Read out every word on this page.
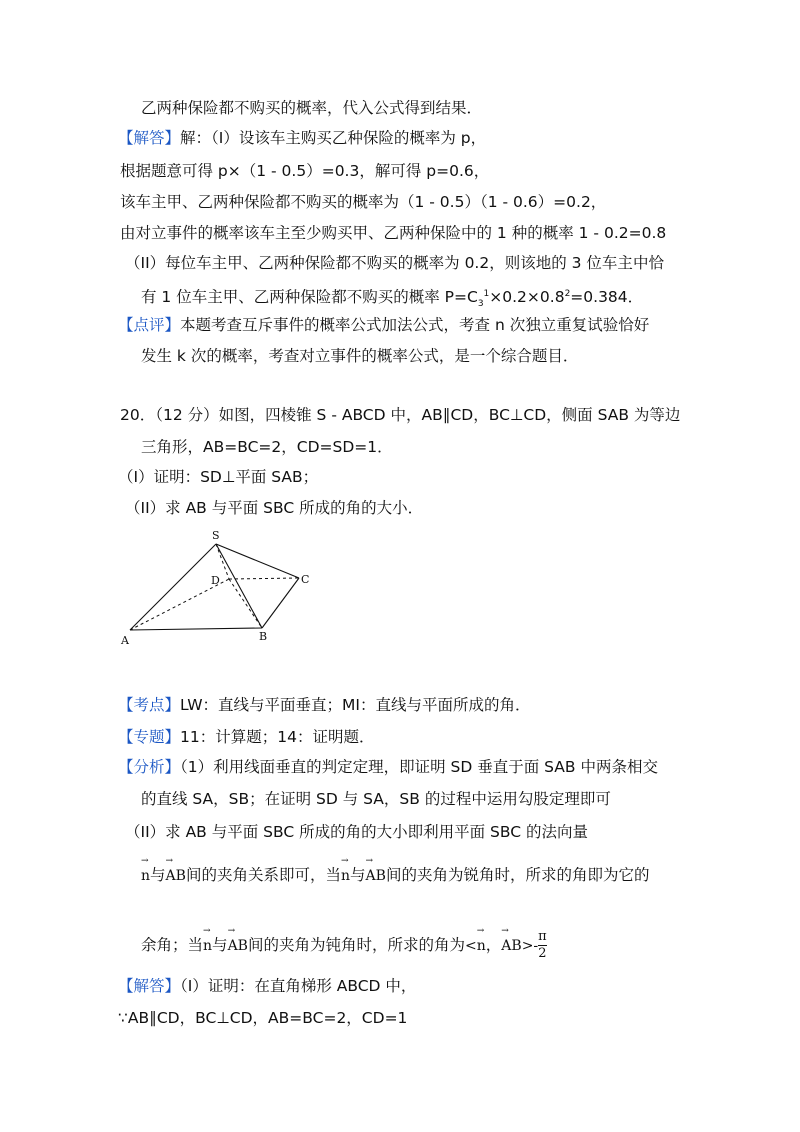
乙两种保险都不购买的概率，代入公式得到结果．
【解答】解：（I）设该车主购买乙种保险的概率为 p，
根据题意可得 p×（1 - 0.5）=0.3，解可得 p=0.6，
该车主甲、乙两种保险都不购买的概率为（1 - 0.5）（1 - 0.6）=0.2，
由对立事件的概率该车主至少购买甲、乙两种保险中的 1 种的概率 1 - 0.2=0.8
（II）每位车主甲、乙两种保险都不购买的概率为 0.2，则该地的 3 位车主中恰
有 1 位车主甲、乙两种保险都不购买的概率 $P=C_3^1\times 0.2\times 0.8^2=0.384$．
【点评】本题考查互斥事件的概率公式加法公式，考查 n 次独立重复试验恰好
发生 k 次的概率，考查对立事件的概率公式，是一个综合题目．
20．（12 分）如图，四棱锥 S - ABCD 中，AB∥CD，BC⊥CD，侧面 SAB 为等边
三角形，AB=BC=2，CD=SD=1．
（I）证明：SD⊥平面 SAB；
（II）求 AB 与平面 SBC 所成的角的大小．
S
D	C
A	B
【考点】LW：直线与平面垂直；MI：直线与平面所成的角．
【专题】11：计算题；14：证明题．
【分析】（1）利用线面垂直的判定定理，即证明 SD 垂直于面 SAB 中两条相交
的直线 SA，SB；在证明 SD 与 SA，SB 的过程中运用勾股定理即可
（II）求 AB 与平面 SBC 所成的角的大小即利用平面 SBC 的法向量
→ n与→ AB间的夹角关系即可，当→ n与→ AB间的夹角为锐角时，所求的角即为它的
余角；当→ n与→ AB间的夹角为钝角时，所求的角为<→ n，→ $AB>-\frac{\pi}{2}$
【解答】（I）证明：在直角梯形 ABCD 中，
∵AB∥CD，BC⊥CD，AB=BC=2，CD=1
